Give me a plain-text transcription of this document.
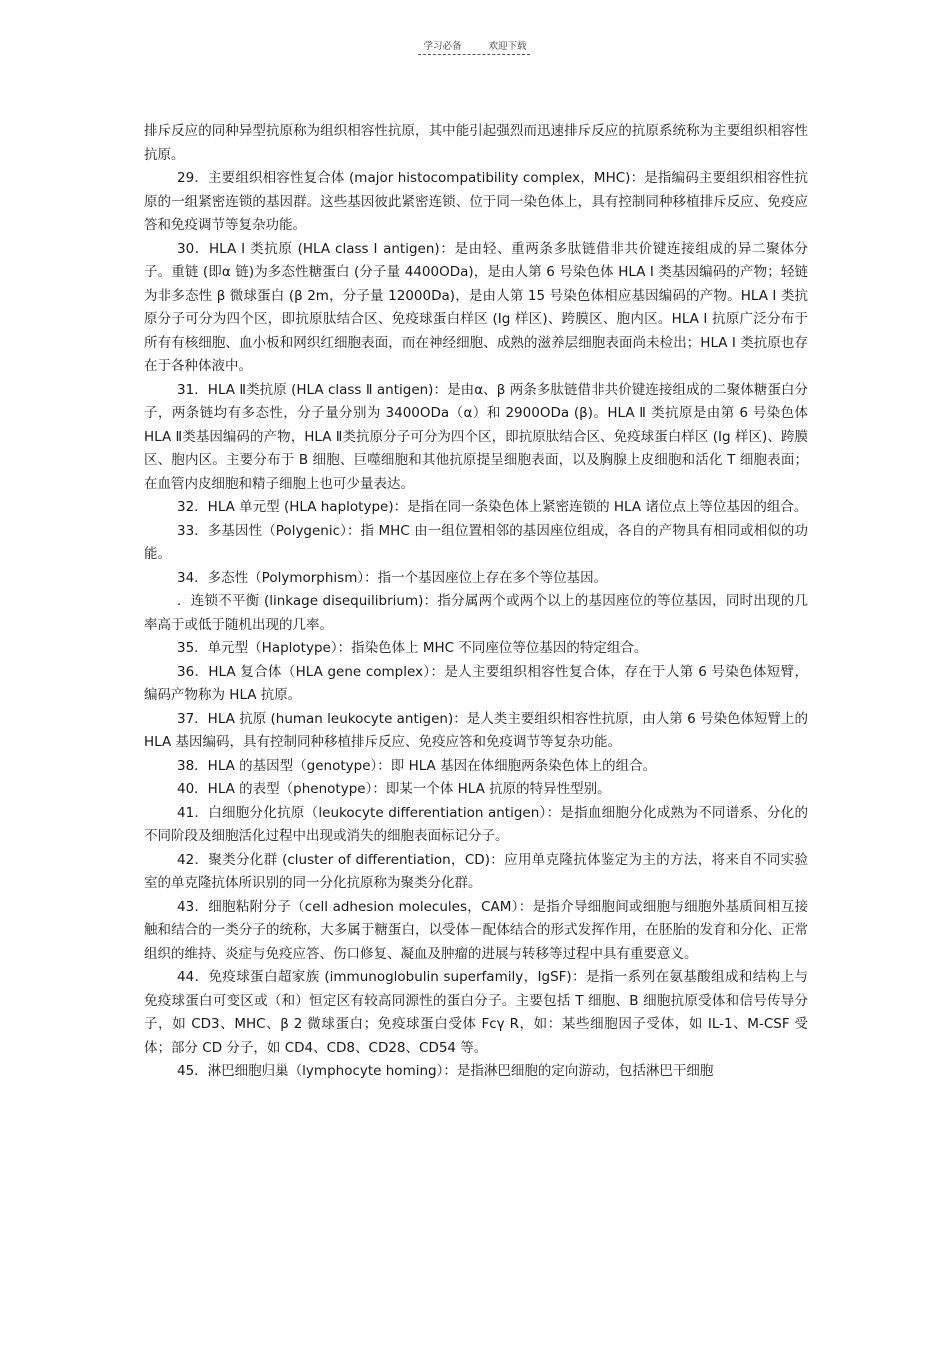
学习必备	欢迎下载

排斥反应的同种异型抗原称为组织相容性抗原，其中能引起强烈而迅速排斥反应的抗原系统称为主要组织相容性抗原。

29．主要组织相容性复合体 (major histocompatibility complex，MHC)：是指编码主要组织相容性抗原的一组紧密连锁的基因群。这些基因彼此紧密连锁、位于同一染色体上，具有控制同种移植排斥反应、免疫应答和免疫调节等复杂功能。

30．HLA I 类抗原 (HLA class Ⅰ antigen)：是由轻、重两条多肽链借非共价键连接组成的异二聚体分子。重链 (即α 链)为多态性糖蛋白 (分子量 4400ODa)，是由人第 6 号染色体 HLA I 类基因编码的产物；轻链为非多态性 β 微球蛋白 (β 2m，分子量 12000Da)，是由人第 15 号染色体相应基因编码的产物。HLA I 类抗原分子可分为四个区，即抗原肽结合区、免疫球蛋白样区 (Ig 样区)、跨膜区、胞内区。HLA I 抗原广泛分布于所有有核细胞、血小板和网织红细胞表面，而在神经细胞、成熟的滋养层细胞表面尚未检出；HLA I 类抗原也存在于各种体液中。

31．HLA Ⅱ类抗原 (HLA class Ⅱ antigen)：是由α、β 两条多肽链借非共价键连接组成的二聚体糖蛋白分子，两条链均有多态性，分子量分别为 3400ODa（α）和 2900ODa (β)。HLA Ⅱ 类抗原是由第 6 号染色体 HLA Ⅱ类基因编码的产物，HLA Ⅱ类抗原分子可分为四个区，即抗原肽结合区、免疫球蛋白样区 (Ig 样区)、跨膜区、胞内区。主要分布于 B 细胞、巨噬细胞和其他抗原提呈细胞表面，以及胸腺上皮细胞和活化 T 细胞表面；在血管内皮细胞和精子细胞上也可少量表达。

32．HLA 单元型 (HLA haplotype)：是指在同一条染色体上紧密连锁的 HLA 诸位点上等位基因的组合。

33．多基因性（Polygenic）：指 MHC 由一组位置相邻的基因座位组成，各自的产物具有相同或相似的功能。

34．多态性（Polymorphism）：指一个基因座位上存在多个等位基因。

．连锁不平衡 (linkage disequilibrium)：指分属两个或两个以上的基因座位的等位基因，同时出现的几率高于或低于随机出现的几率。

35．单元型（Haplotype）：指染色体上 MHC 不同座位等位基因的特定组合。

36．HLA 复合体（HLA gene complex）：是人主要组织相容性复合体，存在于人第 6 号染色体短臂，编码产物称为 HLA 抗原。

37．HLA 抗原 (human leukocyte antigen)：是人类主要组织相容性抗原，由人第 6 号染色体短臂上的 HLA 基因编码，具有控制同种移植排斥反应、免疫应答和免疫调节等复杂功能。

38．HLA 的基因型（genotype）：即 HLA 基因在体细胞两条染色体上的组合。

40．HLA 的表型（phenotype）：即某一个体 HLA 抗原的特异性型别。

41．白细胞分化抗原（leukocyte differentiation antigen）：是指血细胞分化成熟为不同谱系、分化的不同阶段及细胞活化过程中出现或消失的细胞表面标记分子。

42．聚类分化群 (cluster of differentiation，CD)：应用单克隆抗体鉴定为主的方法，将来自不同实验室的单克隆抗体所识别的同一分化抗原称为聚类分化群。

43．细胞粘附分子（cell adhesion molecules，CAM）：是指介导细胞间或细胞与细胞外基质间相互接触和结合的一类分子的统称，大多属于糖蛋白，以受体－配体结合的形式发挥作用，在胚胎的发育和分化、正常组织的维持、炎症与免疫应答、伤口修复、凝血及肿瘤的进展与转移等过程中具有重要意义。

44．免疫球蛋白超家族 (immunoglobulin superfamily，IgSF)：是指一系列在氨基酸组成和结构上与免疫球蛋白可变区或（和）恒定区有较高同源性的蛋白分子。主要包括 T 细胞、B 细胞抗原受体和信号传导分子，如 CD3、MHC、β 2 微球蛋白；免疫球蛋白受体 Fcγ R，如：某些细胞因子受体，如 IL-1、M-CSF 受体；部分 CD 分子，如 CD4、CD8、CD28、CD54 等。

45．淋巴细胞归巢（lymphocyte homing）：是指淋巴细胞的定向游动，包括淋巴干细胞
